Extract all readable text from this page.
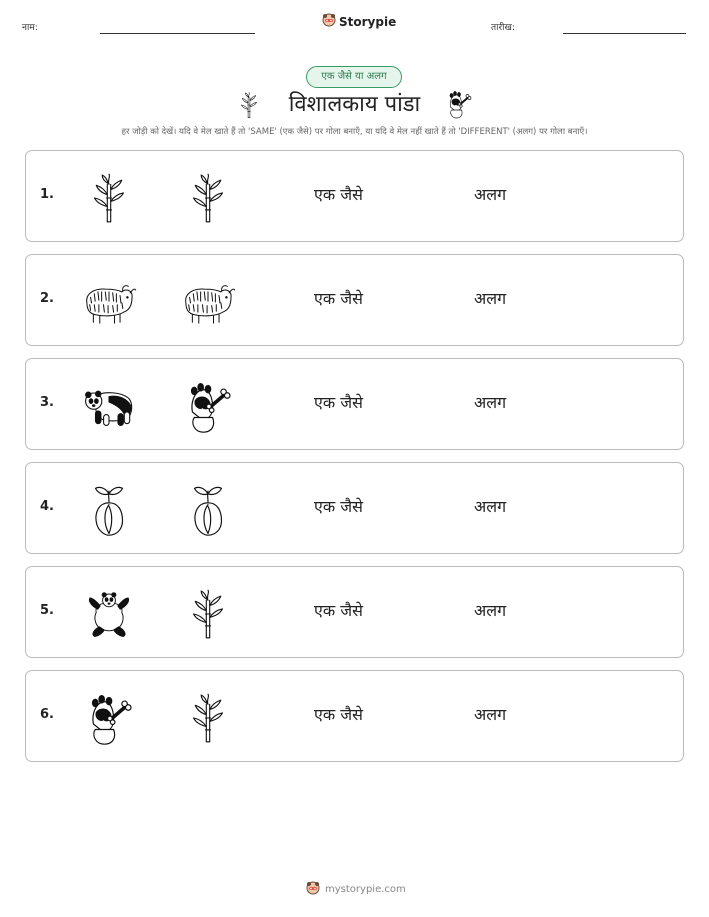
नाम:	Storypie	तारीख:
एक जैसे या अलग
विशालकाय पांडा
हर जोड़ी को देखें। यदि वे मेल खाते हैं तो 'SAME' (एक जैसे) पर गोला बनाएँ, या यदि वे मेल नहीं खाते हैं तो 'DIFFERENT' (अलग) पर गोला बनाएँ।
1.	एक जैसे	अलग
2.	एक जैसे	अलग
3.	एक जैसे	अलग
4.	एक जैसे	अलग
5.	एक जैसे	अलग
6.	एक जैसे	अलग
mystorypie.com
